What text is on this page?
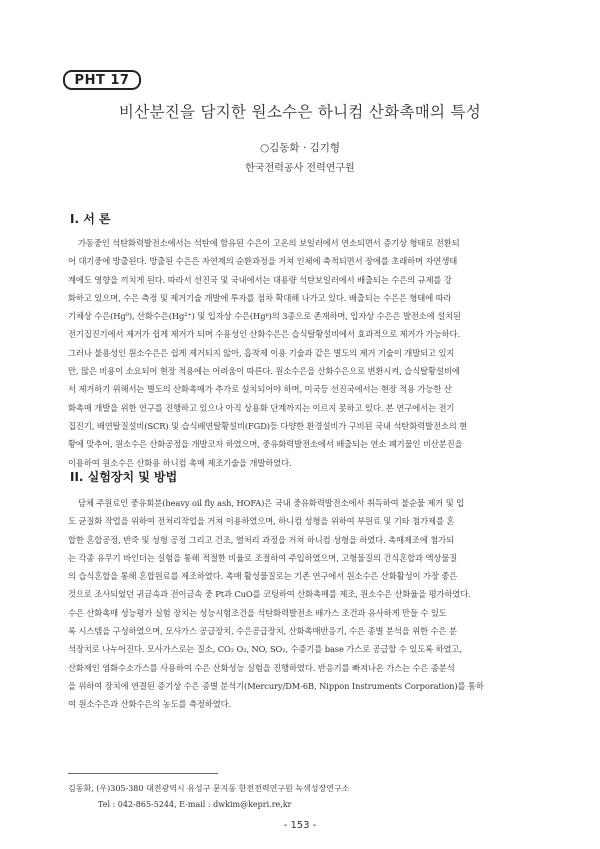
PHT 17
비산분진을 담지한 원소수은 하니컴 산화촉매의 특성
○김동화 · 김기형
한국전력공사 전력연구원
I. 서 론
가동중인 석탄화력발전소에서는 석탄에 함유된 수은이 고온의 보일러에서 연소되면서 증기상 형태로 전환되
어 대기중에 방출된다. 방출된 수은은 자연계의 순환과정을 거쳐 인체에 축적되면서 장애를 초래하며 자연생태
계에도 영향을 끼치게 된다. 따라서 선진국 및 국내에서는 대용량 석탄보일러에서 배출되는 수은의 규제를 강
화하고 있으며, 수은 측정 및 제거기술 개발에 투자를 점차 확대해 나가고 있다. 배출되는 수은은 형태에 따라
기체상 수은(Hg⁰), 산화수은(Hg²⁺) 및 입자상 수은(Hgᵖ)의 3종으로 존재하며, 입자상 수은은 발전소에 설치된
전기집진기에서 제거가 쉽게 제거가 되며 수용성인 산화수은은 습식탈황설비에서 효과적으로 제거가 가능하다.
그러나 불용성인 원소수은은 쉽게 제거되지 않아, 흡착제 이용 기술과 같은 별도의 제거 기술이 개발되고 있지
만, 많은 비용이 소요되어 현장 적용에는 어려움이 따른다. 원소수은을 산화수은으로 변환시켜, 습식탈황설비에
서 제거하기 위해서는 별도의 산화촉매가 추가로 설치되어야 하며, 미국등 선진국에서는 현장 적용 가능한 산
화촉매 개발을 위한 연구를 진행하고 있으나 아직 상용화 단계까지는 이르지 못하고 있다. 본 연구에서는 전기
집진기, 배연탈질설비(SCR) 및 습식배연탈황설비(FGD)등 다양한 환경설비가 구비된 국내 석탄화력발전소의 현
황에 맞추어, 원소수은 산화공정을 개발코자 하였으며, 중유화력발전소에서 배출되는 연소 폐기물인 비산분진을
이용하여 원소수은 산화용 하니컴 촉매 제조기술을 개발하였다.
II. 실험장치 및 방법
담체 주원료인 중유회분(heavy oil fly ash, HOFA)은 국내 중유화력발전소에서 취득하여 불순물 제거 및 입
도 균질화 작업을 위하여 전처리작업을 거쳐 이용하였으며, 하니컴 성형을 위하여 부원료 및 기타 첨가제를 혼
합한 혼합공정, 반죽 및 성형 공정 그리고 건조, 열처리 과정을 거쳐 하니컴 성형을 하였다. 촉매제조에 첨가되
는 각종 유무기 바인더는 실험을 통해 적절한 비율로 조절하여 주입하였으며, 고형물질의 건식혼합과 액상물질
의 습식혼합을 통해 혼합원료를 제조하였다. 촉매 활성물질로는 기존 연구에서 원소수은 산화활성이 가장 좋은
것으로 조사되었던 귀금속과 전이금속 중 Pt과 CuO를 코팅하여 산화촉매를 제조, 원소수은 산화율을 평가하였다.
수은 산화촉매 성능평가 실험 장치는 성능시험조건을 석탄화력발전소 배가스 조건과 유사하게 만들 수 있도
록 시스템을 구성하였으며, 모사가스 공급장치, 수은공급장치, 산화촉매반응기, 수은 종별 분석을 위한 수은 분
석장치로 나누어진다. 모사가스로는 질소, CO₂ O₂, NO, SO₂, 수증기를 base 가스로 공급할 수 있도록 하였고,
산화제인 염화수소가스를 사용하여 수은 산화성능 실험을 진행하였다. 반응기를 빠져나온 가스는 수은 종분석
을 위하여 장치에 연결된 증기상 수은 종별 분석기(Mercury/DM-6B, Nippon Instruments Corporation)를 통하
여 원소수은과 산화수은의 농도를 측정하였다.
김동화, (우)305-380 대전광역시 유성구 문지동 한전전력연구원 녹색성장연구소
Tel : 042-865-5244, E-mail : dwkim@kepri.re,kr
- 153 -
